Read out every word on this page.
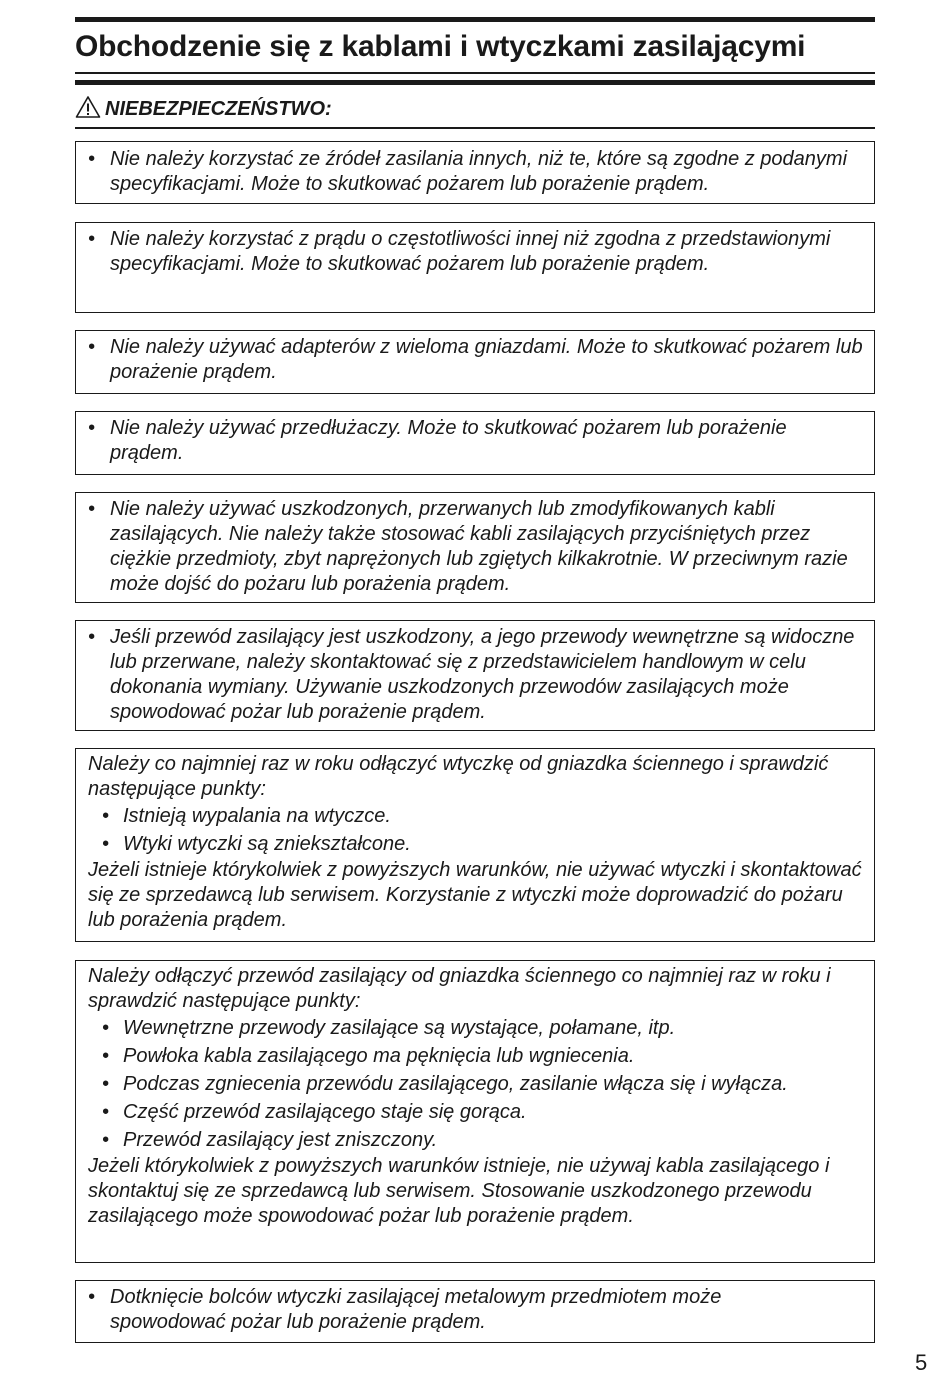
Obchodzenie się z kablami i wtyczkami zasilającymi
NIEBEZPIECZEŃSTWO:
• Nie należy korzystać ze źródeł zasilania innych, niż te, które są zgodne z podanymi specyfikacjami. Może to skutkować pożarem lub porażenie prądem.
• Nie należy korzystać z prądu o częstotliwości innej niż zgodna z przedstawionymi specyfikacjami. Może to skutkować pożarem lub porażenie prądem.
• Nie należy używać adapterów z wieloma gniazdami. Może to skutkować pożarem lub porażenie prądem.
• Nie należy używać przedłużaczy. Może to skutkować pożarem lub porażenie prądem.
• Nie należy używać uszkodzonych, przerwanych lub zmodyfikowanych kabli zasilających. Nie należy także stosować kabli zasilających przyciśniętych przez ciężkie przedmioty, zbyt naprężonych lub zgiętych kilkakrotnie. W przeciwnym razie może dojść do pożaru lub porażenia prądem.
• Jeśli przewód zasilający jest uszkodzony, a jego przewody wewnętrzne są widoczne lub przerwane, należy skontaktować się z przedstawicielem handlowym w celu dokonania wymiany. Używanie uszkodzonych przewodów zasilających może spowodować pożar lub porażenie prądem.
Należy co najmniej raz w roku odłączyć wtyczkę od gniazdka ściennego i sprawdzić następujące punkty:
• Istnieją wypalania na wtyczce.
• Wtyki wtyczki są zniekształcone.
Jeżeli istnieje którykolwiek z powyższych warunków, nie używać wtyczki i skontaktować się ze sprzedawcą lub serwisem. Korzystanie z wtyczki może doprowadzić do pożaru lub porażenia prądem.
Należy odłączyć przewód zasilający od gniazdka ściennego co najmniej raz w roku i sprawdzić następujące punkty:
• Wewnętrzne przewody zasilające są wystające, połamane, itp.
• Powłoka kabla zasilającego ma pęknięcia lub wgniecenia.
• Podczas zgniecenia przewódu zasilającego, zasilanie włącza się i wyłącza.
• Część przewód zasilającego staje się gorąca.
• Przewód zasilający jest zniszczony.
Jeżeli którykolwiek z powyższych warunków istnieje, nie używaj kabla zasilającego i skontaktuj się ze sprzedawcą lub serwisem. Stosowanie uszkodzonego przewodu zasilającego może spowodować pożar lub porażenie prądem.
• Dotknięcie bolców wtyczki zasilającej metalowym przedmiotem może spowodować pożar lub porażenie prądem.
5
